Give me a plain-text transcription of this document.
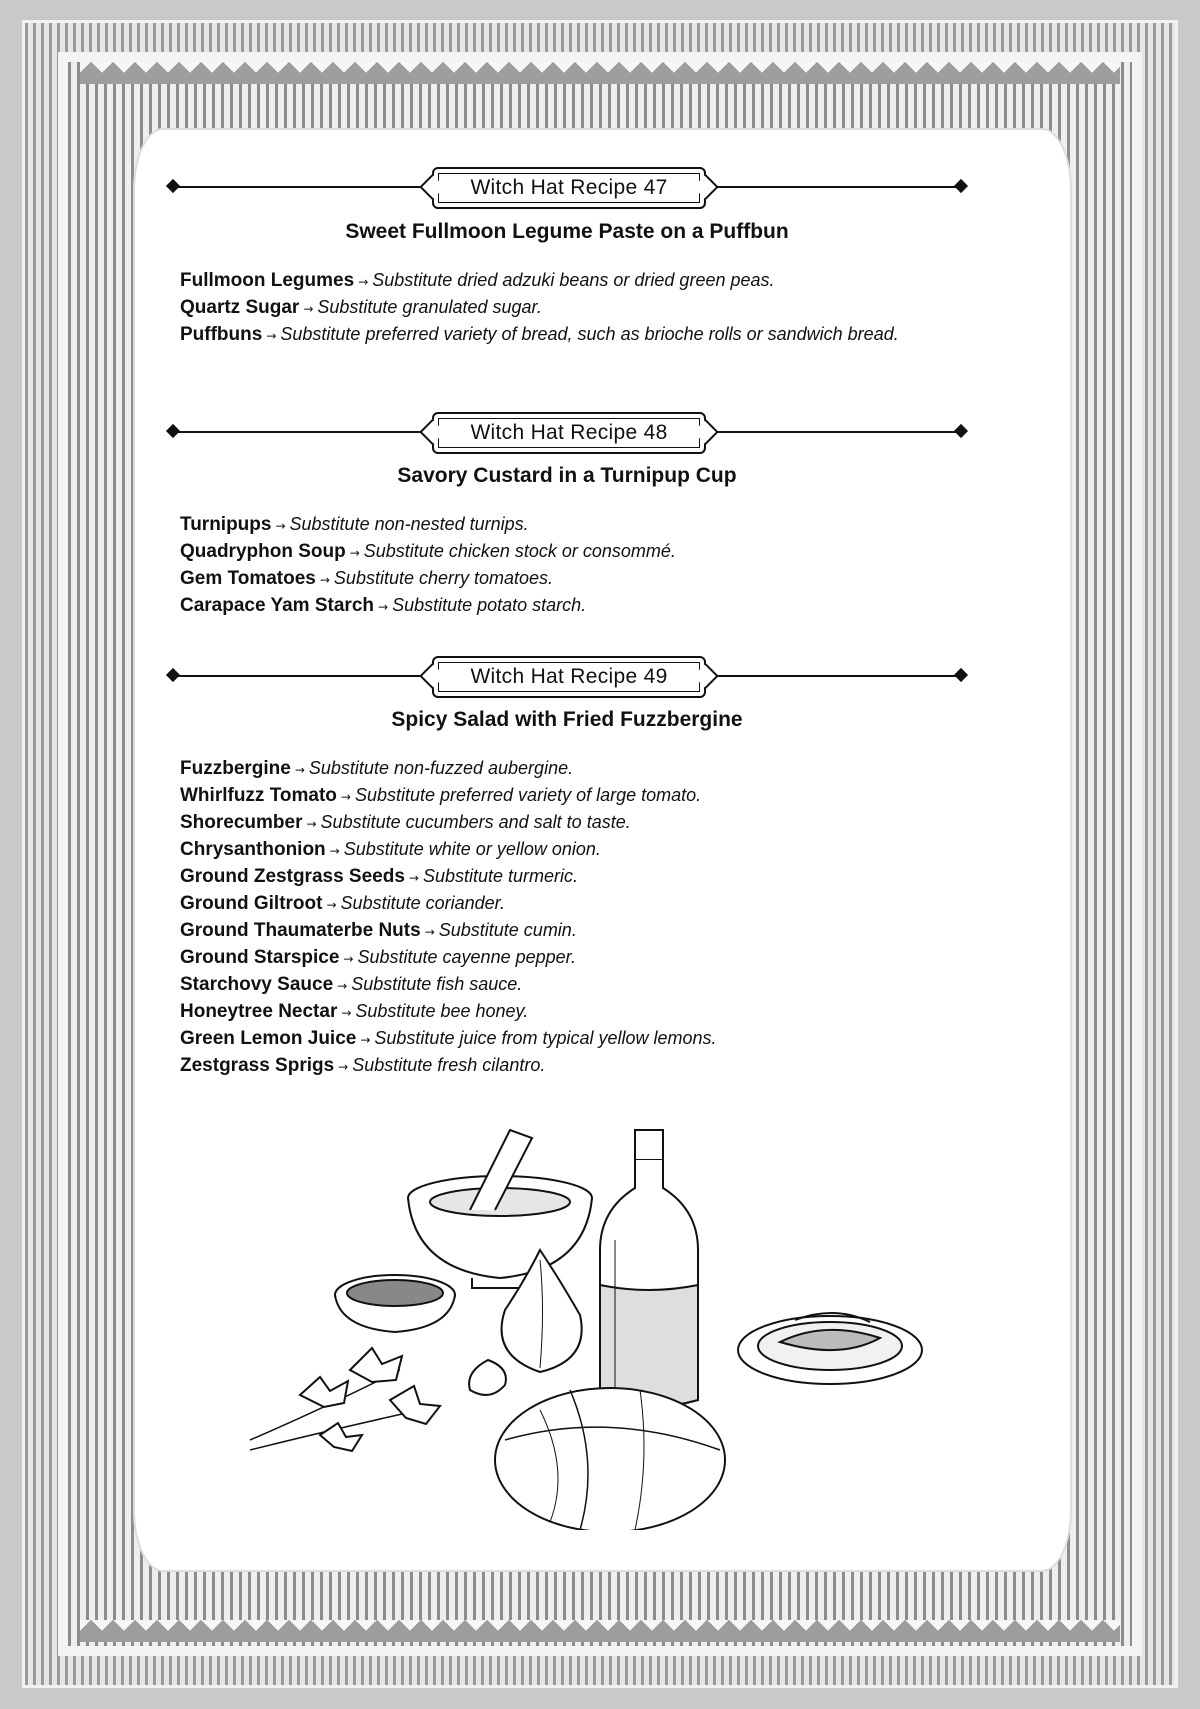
Witch Hat Recipe 47
Sweet Fullmoon Legume Paste on a Puffbun

Fullmoon Legumes → Substitute dried adzuki beans or dried green peas.

Quartz Sugar → Substitute granulated sugar.

Puffbuns → Substitute preferred variety of bread, such as brioche rolls or sandwich bread.

Witch Hat Recipe 48
Savory Custard in a Turnipup Cup

Turnipups → Substitute non-nested turnips.

Quadryphon Soup → Substitute chicken stock or consommé.

Gem Tomatoes → Substitute cherry tomatoes.

Carapace Yam Starch → Substitute potato starch.

Witch Hat Recipe 49
Spicy Salad with Fried Fuzzbergine

Fuzzbergine → Substitute non-fuzzed aubergine.

Whirlfuzz Tomato → Substitute preferred variety of large tomato.

Shorecumber → Substitute cucumbers and salt to taste.

Chrysanthonion → Substitute white or yellow onion.

Ground Zestgrass Seeds → Substitute turmeric.

Ground Giltroot → Substitute coriander.

Ground Thaumaterbe Nuts → Substitute cumin.

Ground Starspice → Substitute cayenne pepper.

Starchovy Sauce → Substitute fish sauce.

Honeytree Nectar → Substitute bee honey.

Green Lemon Juice → Substitute juice from typical yellow lemons.

Zestgrass Sprigs → Substitute fresh cilantro.
